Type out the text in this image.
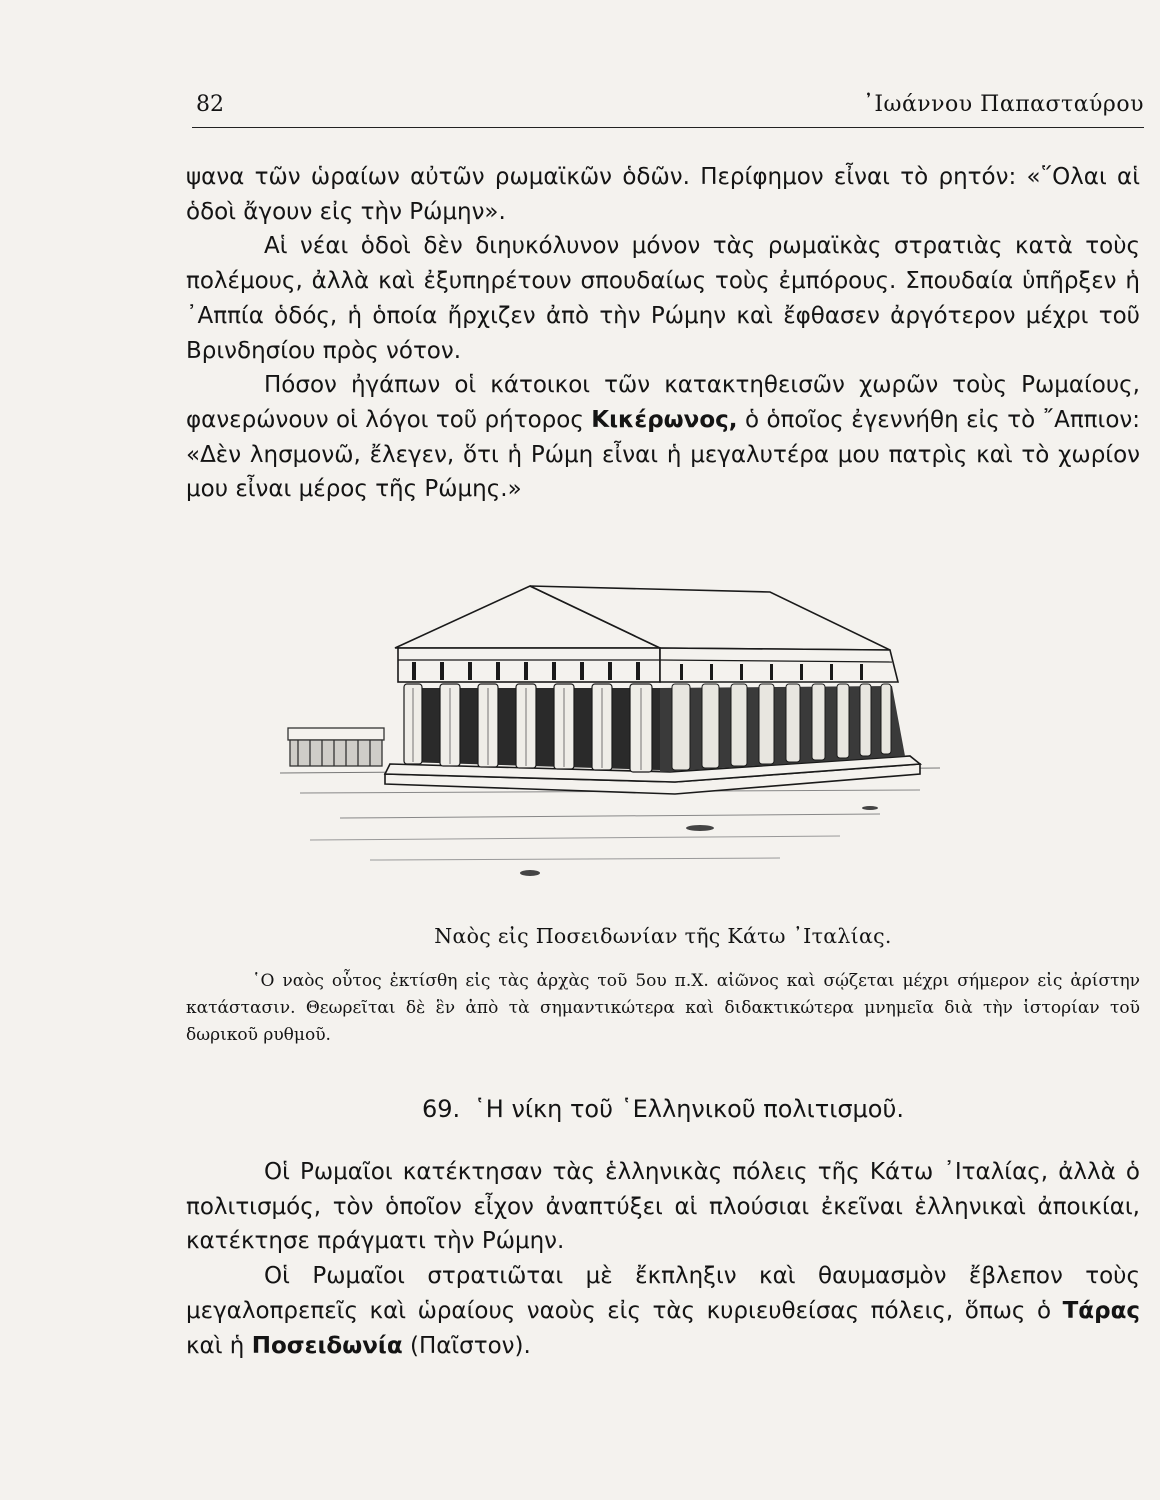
82	᾿Ιωάννου Παπασταύρου

ψανα τῶν ὡραίων αὐτῶν ρωμαϊκῶν ὁδῶν. Περίφημον εἶναι τὸ ρητόν: «῞Ολαι αἱ ὁδοὶ ἄγουν εἰς τὴν Ρώμην».

Αἱ νέαι ὁδοὶ δὲν διηυκόλυνον μόνον τὰς ρωμαϊκὰς στρατιὰς κατὰ τοὺς πολέμους, ἀλλὰ καὶ ἐξυπηρέτουν σπουδαίως τοὺς ἐμπόρους. Σπουδαία ὑπῆρξεν ἡ ᾿Αππία ὁδός, ἡ ὁποία ἤρχιζεν ἀπὸ τὴν Ρώμην καὶ ἔφθασεν ἀργότερον μέχρι τοῦ Βρινδησίου πρὸς νότον.

Πόσον ἠγάπων οἱ κάτοικοι τῶν κατακτηθεισῶν χωρῶν τοὺς Ρωμαίους, φανερώνουν οἱ λόγοι τοῦ ρήτορος Κικέρωνος, ὁ ὁποῖος ἐγεννήθη εἰς τὸ ῎Αππιον: «Δὲν λησμονῶ, ἔλεγεν, ὅτι ἡ Ρώμη εἶναι ἡ μεγαλυτέρα μου πατρὶς καὶ τὸ χωρίον μου εἶναι μέρος τῆς Ρώμης.»

Ναὸς εἰς Ποσειδωνίαν τῆς Κάτω ᾿Ιταλίας.
῾Ο ναὸς οὗτος ἐκτίσθη εἰς τὰς ἀρχὰς τοῦ 5ου π.Χ. αἰῶνος καὶ σῴζεται μέχρι σήμερον εἰς ἀρίστην κατάστασιν. Θεωρεῖται δὲ ἓν ἀπὸ τὰ σημαντικώτερα καὶ διδακτικώτερα μνημεῖα διὰ τὴν ἱστορίαν τοῦ δωρικοῦ ρυθμοῦ.
69. ῾Η νίκη τοῦ ῾Ελληνικοῦ πολιτισμοῦ.

Οἱ Ρωμαῖοι κατέκτησαν τὰς ἑλληνικὰς πόλεις τῆς Κάτω ᾿Ιταλίας, ἀλλὰ ὁ πολιτισμός, τὸν ὁποῖον εἶχον ἀναπτύξει αἱ πλούσιαι ἐκεῖναι ἑλληνικαὶ ἀποικίαι, κατέκτησε πράγματι τὴν Ρώμην.

Οἱ Ρωμαῖοι στρατιῶται μὲ ἔκπληξιν καὶ θαυμασμὸν ἔβλεπον τοὺς μεγαλοπρεπεῖς καὶ ὡραίους ναοὺς εἰς τὰς κυριευθείσας πόλεις, ὅπως ὁ Τάρας καὶ ἡ Ποσειδωνία (Παῖστον).
